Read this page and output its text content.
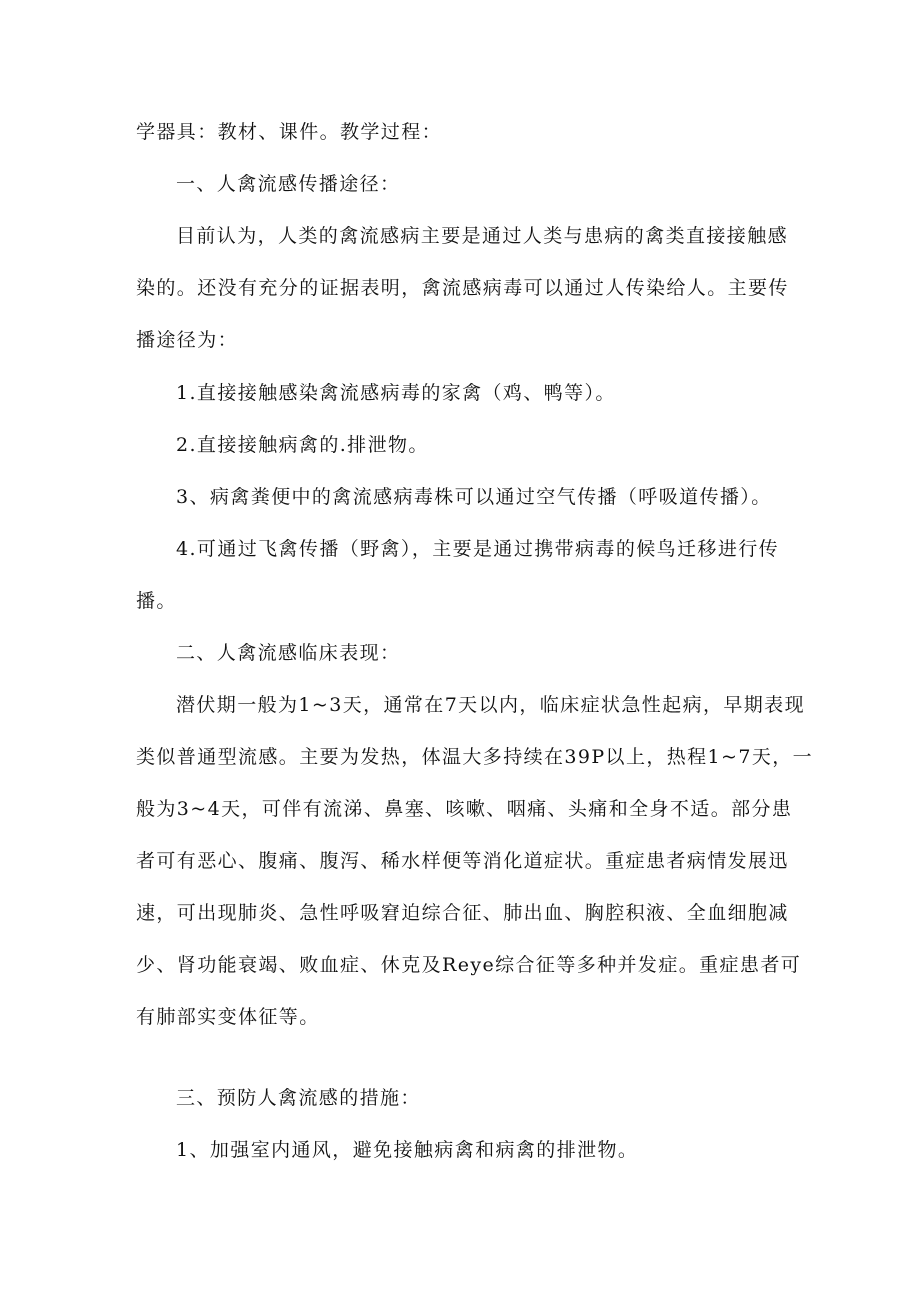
学器具：教材、课件。教学过程：

一、人禽流感传播途径：

目前认为，人类的禽流感病主要是通过人类与患病的禽类直接接触感

染的。还没有充分的证据表明，禽流感病毒可以通过人传染给人。主要传

播途径为：

1.直接接触感染禽流感病毒的家禽（鸡、鸭等）。

2.直接接触病禽的.排泄物。

3、病禽粪便中的禽流感病毒株可以通过空气传播（呼吸道传播）。

4.可通过飞禽传播（野禽），主要是通过携带病毒的候鸟迁移进行传

播。

二、人禽流感临床表现：

潜伏期一般为1~3天，通常在7天以内，临床症状急性起病，早期表现

类似普通型流感。主要为发热，体温大多持续在39P以上，热程1~7天，一

般为3~4天，可伴有流涕、鼻塞、咳嗽、咽痛、头痛和全身不适。部分患

者可有恶心、腹痛、腹泻、稀水样便等消化道症状。重症患者病情发展迅

速，可出现肺炎、急性呼吸窘迫综合征、肺出血、胸腔积液、全血细胞减

少、肾功能衰竭、败血症、休克及Reye综合征等多种并发症。重症患者可

有肺部实变体征等。

三、预防人禽流感的措施：

1、加强室内通风，避免接触病禽和病禽的排泄物。
